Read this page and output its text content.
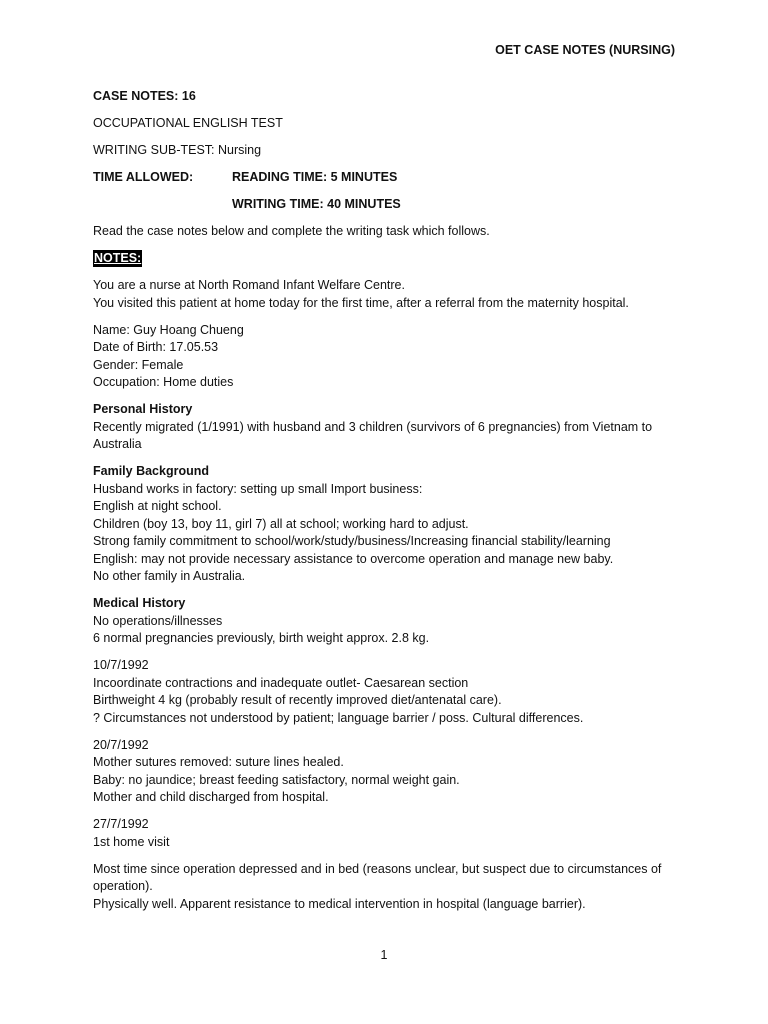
OET CASE NOTES (NURSING)
CASE NOTES: 16
OCCUPATIONAL ENGLISH TEST
WRITING SUB-TEST: Nursing
TIME ALLOWED:	READING TIME: 5 MINUTES
WRITING TIME: 40 MINUTES
Read the case notes below and complete the writing task which follows.
NOTES:
You are a nurse at North Romand Infant Welfare Centre.
You visited this patient at home today for the first time, after a referral from the maternity hospital.
Name: Guy Hoang Chueng
Date of Birth: 17.05.53
Gender: Female
Occupation: Home duties
Personal History
Recently migrated (1/1991) with husband and 3 children (survivors of 6 pregnancies) from Vietnam to Australia
Family Background
Husband works in factory: setting up small Import business:
English at night school.
Children (boy 13, boy 11, girl 7) all at school; working hard to adjust.
Strong family commitment to school/work/study/business/Increasing financial stability/learning
English: may not provide necessary assistance to overcome operation and manage new baby.
No other family in Australia.
Medical History
No operations/illnesses
6 normal pregnancies previously, birth weight approx. 2.8 kg.
10/7/1992
Incoordinate contractions and inadequate outlet- Caesarean section
Birthweight 4 kg (probably result of recently improved diet/antenatal care).
? Circumstances not understood by patient; language barrier / poss. Cultural differences.
20/7/1992
Mother sutures removed: suture lines healed.
Baby: no jaundice; breast feeding satisfactory, normal weight gain.
Mother and child discharged from hospital.
27/7/1992
1st home visit
Most time since operation depressed and in bed (reasons unclear, but suspect due to circumstances of operation).
Physically well. Apparent resistance to medical intervention in hospital (language barrier).
1
